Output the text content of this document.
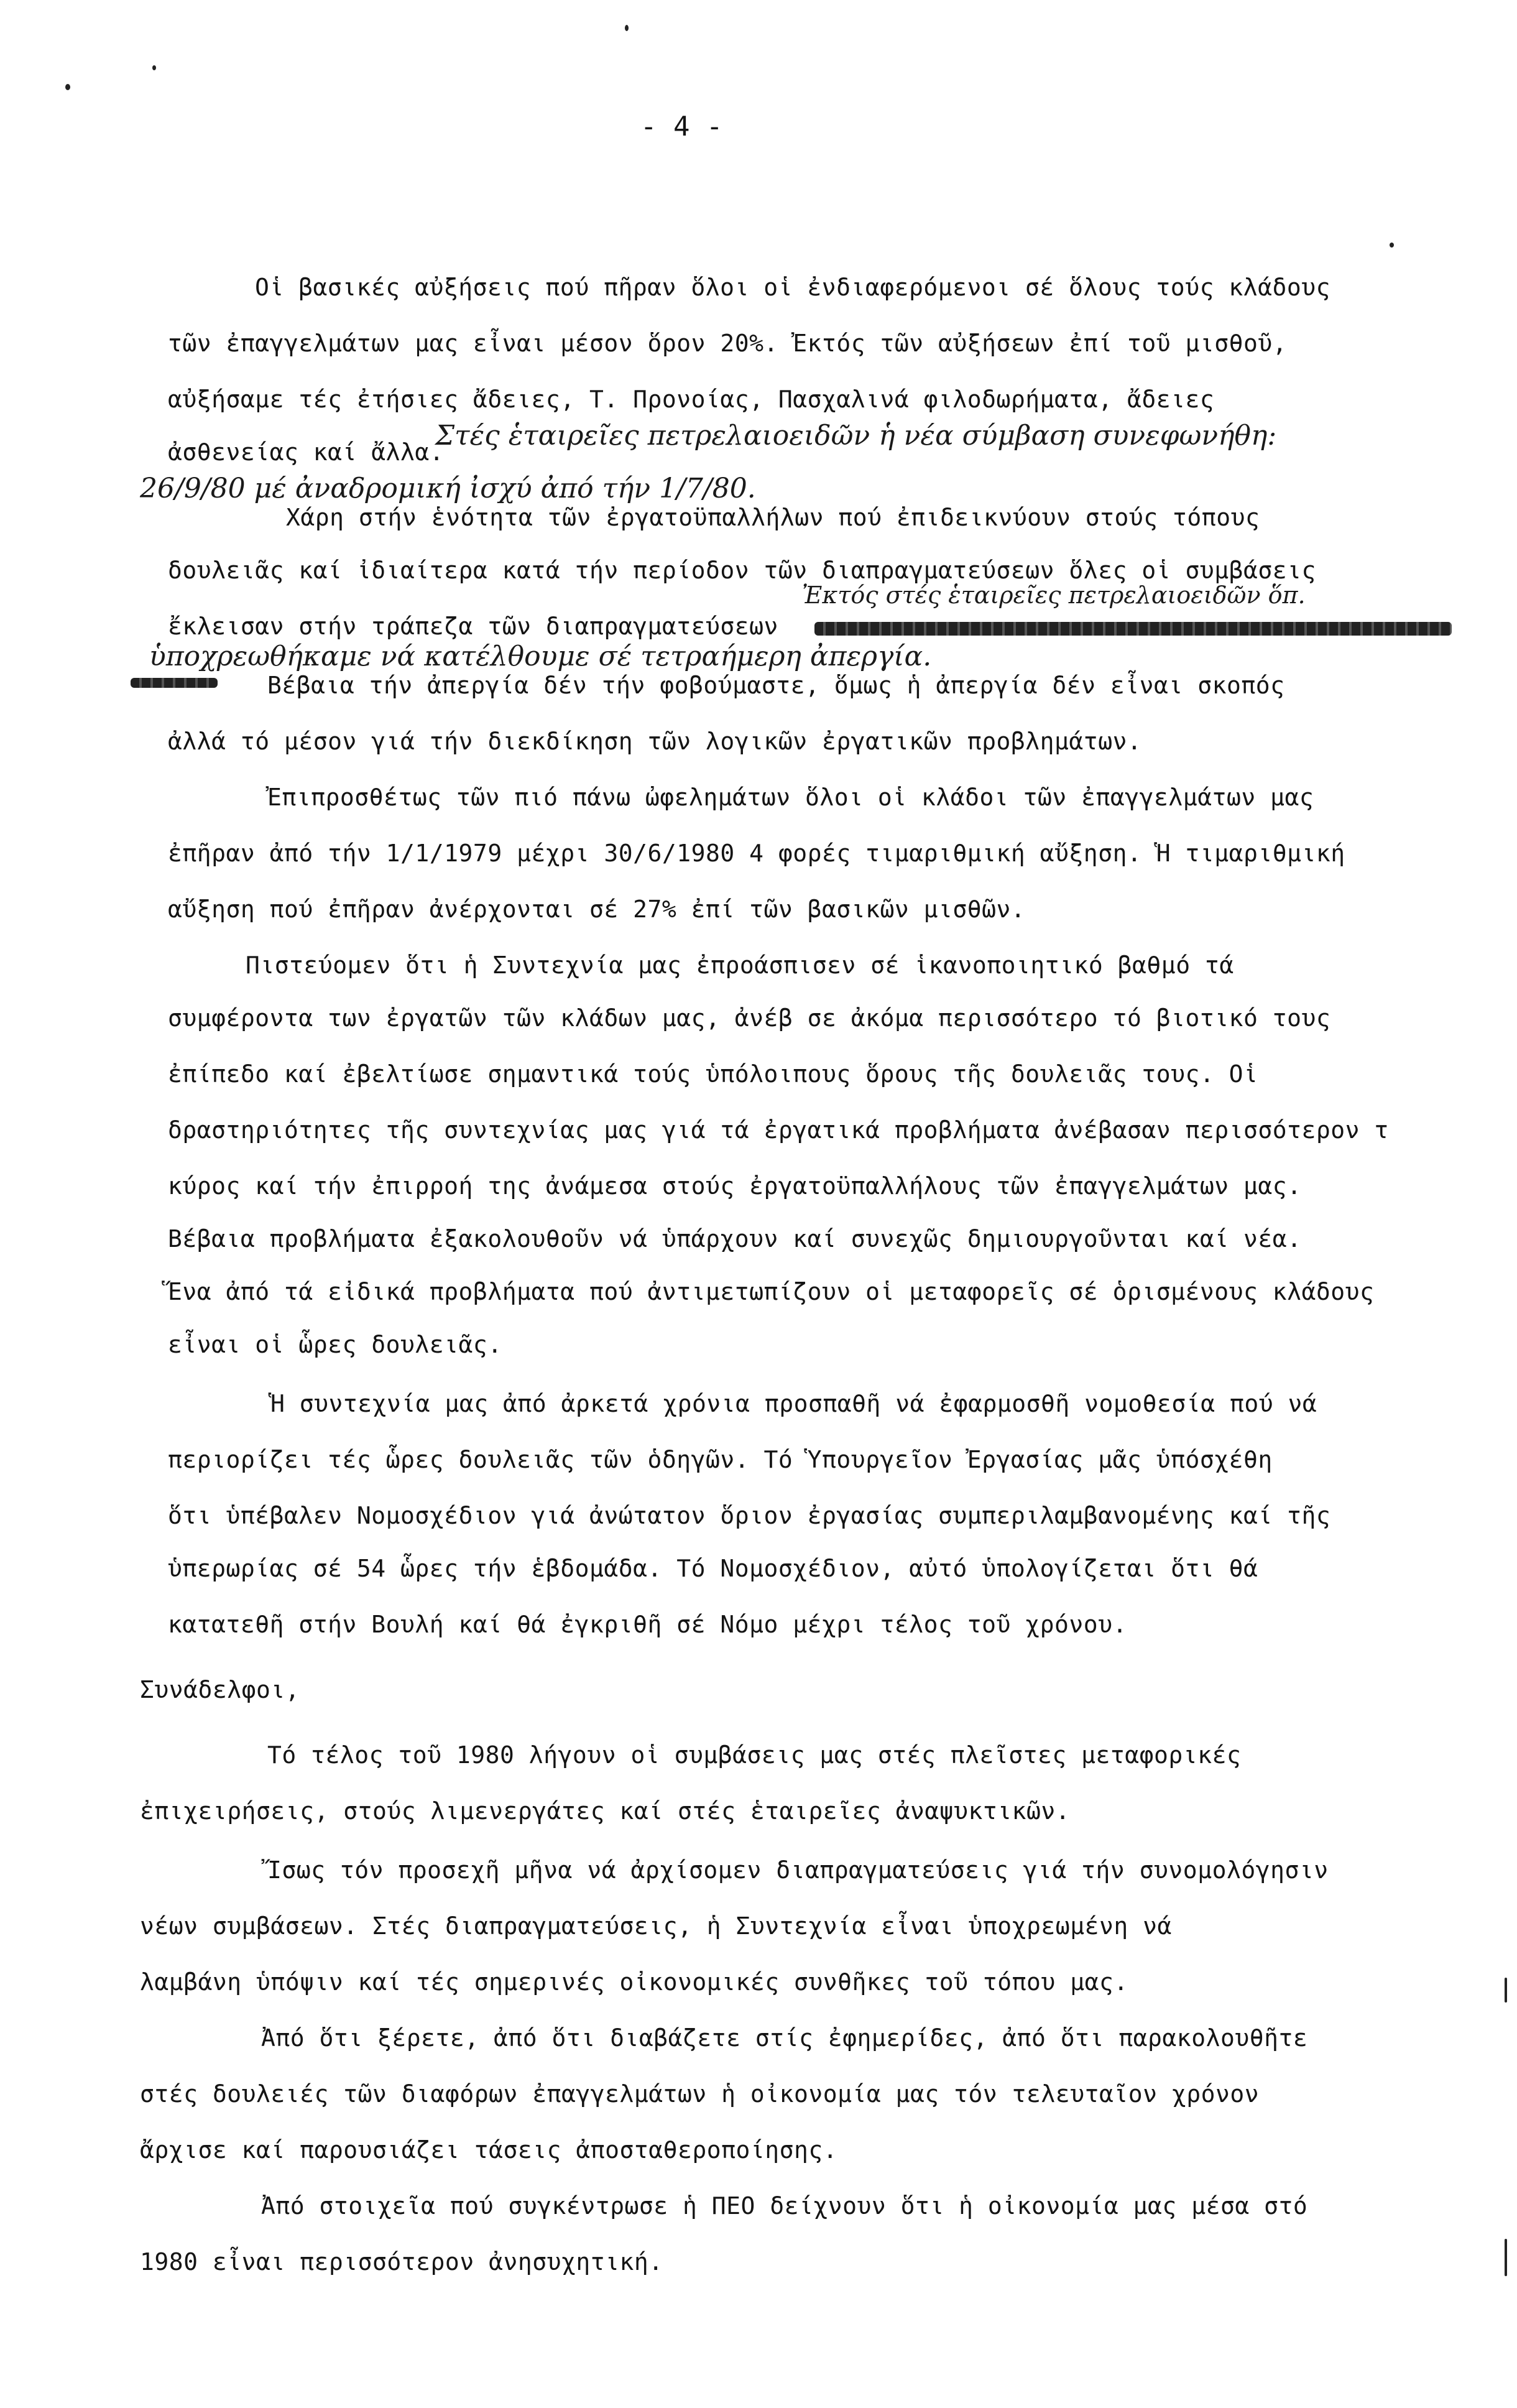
- 4 -
Οἱ βασικές αὐξήσεις πού πῆραν ὅλοι οἱ ἐνδιαφερόμενοι σέ ὅλους τούς κλάδους
τῶν ἐπαγγελμάτων μας εἶναι μέσον ὅρον 20%. Ἐκτός τῶν αὐξήσεων ἐπί τοῦ μισθοῦ,
αὐξήσαμε τές ἐτήσιες ἄδειες, Τ. Προνοίας, Πασχαλινά φιλοδωρήματα, ἄδειες
ἀσθενείας καί ἄλλα.
Στές ἑταιρεῖες πετρελαιοειδῶν ἡ νέα σύμβαση συνεφωνήθη:
26/9/80 μέ ἀναδρομική ἰσχύ ἀπό τήν 1/7/80.
Χάρη στήν ἑνότητα τῶν ἐργατοϋπαλλήλων πού ἐπιδεικνύουν στούς τόπους
δουλειᾶς καί ἰδιαίτερα κατά τήν περίοδον τῶν διαπραγματεύσεων ὅλες οἱ συμβάσεις
Ἐκτός στές ἑταιρεῖες πετρελαιοειδῶν ὅπ.
ἔκλεισαν στήν τράπεζα τῶν διαπραγματεύσεων
ὑποχρεωθήκαμε νά κατέλθουμε σέ τετραήμερη ἀπεργία.
Βέβαια τήν ἀπεργία δέν τήν φοβούμαστε, ὅμως ἡ ἀπεργία δέν εἶναι σκοπός
ἀλλά τό μέσον γιά τήν διεκδίκηση τῶν λογικῶν ἐργατικῶν προβλημάτων.
Ἐπιπροσθέτως τῶν πιό πάνω ὠφελημάτων ὅλοι οἱ κλάδοι τῶν ἐπαγγελμάτων μας
ἐπῆραν ἀπό τήν 1/1/1979 μέχρι 30/6/1980 4 φορές τιμαριθμική αὔξηση. Ἡ τιμαριθμική
αὔξηση πού ἐπῆραν ἀνέρχονται σέ 27% ἐπί τῶν βασικῶν μισθῶν.
Πιστεύομεν ὅτι ἡ Συντεχνία μας ἐπροάσπισεν σέ ἱκανοποιητικό βαθμό τά
συμφέροντα των ἐργατῶν τῶν κλάδων μας, ἀνέβ σε ἀκόμα περισσότερο τό βιοτικό τους
ἐπίπεδο καί ἐβελτίωσε σημαντικά τούς ὑπόλοιπους ὅρους τῆς δουλειᾶς τους. Οἱ
δραστηριότητες τῆς συντεχνίας μας γιά τά ἐργατικά προβλήματα ἀνέβασαν περισσότερον τ
κύρος καί τήν ἐπιρροή της ἀνάμεσα στούς ἐργατοϋπαλλήλους τῶν ἐπαγγελμάτων μας.
Βέβαια προβλήματα ἐξακολουθοῦν νά ὑπάρχουν καί συνεχῶς δημιουργοῦνται καί νέα.
Ἕνα ἀπό τά εἰδικά προβλήματα πού ἀντιμετωπίζουν οἱ μεταφορεῖς σέ ὁρισμένους κλάδους
εἶναι οἱ ὧρες δουλειᾶς.
Ἡ συντεχνία μας ἀπό ἀρκετά χρόνια προσπαθῆ νά ἐφαρμοσθῆ νομοθεσία πού νά
περιορίζει τές ὧρες δουλειᾶς τῶν ὁδηγῶν. Τό Ὑπουργεῖον Ἐργασίας μᾶς ὑπόσχέθη
ὅτι ὑπέβαλεν Νομοσχέδιον γιά ἀνώτατον ὅριον ἐργασίας συμπεριλαμβανομένης καί τῆς
ὑπερωρίας σέ 54 ὧρες τήν ἑβδομάδα. Τό Νομοσχέδιον, αὐτό ὑπολογίζεται ὅτι θά
κατατεθῆ στήν Βουλή καί θά ἐγκριθῆ σέ Νόμο μέχρι τέλος τοῦ χρόνου.
Συνάδελφοι,
Τό τέλος τοῦ 1980 λήγουν οἱ συμβάσεις μας στές πλεῖστες μεταφορικές
ἐπιχειρήσεις, στούς λιμενεργάτες καί στές ἑταιρεῖες ἀναψυκτικῶν.
Ἴσως τόν προσεχῆ μῆνα νά ἀρχίσομεν διαπραγματεύσεις γιά τήν συνομολόγησιν
νέων συμβάσεων. Στές διαπραγματεύσεις, ἡ Συντεχνία εἶναι ὑποχρεωμένη νά
λαμβάνη ὑπόψιν καί τές σημερινές οἰκονομικές συνθῆκες τοῦ τόπου μας.
Ἀπό ὅτι ξέρετε, ἀπό ὅτι διαβάζετε στίς ἐφημερίδες, ἀπό ὅτι παρακολουθῆτε
στές δουλειές τῶν διαφόρων ἐπαγγελμάτων ἡ οἰκονομία μας τόν τελευταῖον χρόνον
ἄρχισε καί παρουσιάζει τάσεις ἀποσταθεροποίησης.
Ἀπό στοιχεῖα πού συγκέντρωσε ἡ ΠΕΟ δείχνουν ὅτι ἡ οἰκονομία μας μέσα στό
1980 εἶναι περισσότερον ἀνησυχητική.
